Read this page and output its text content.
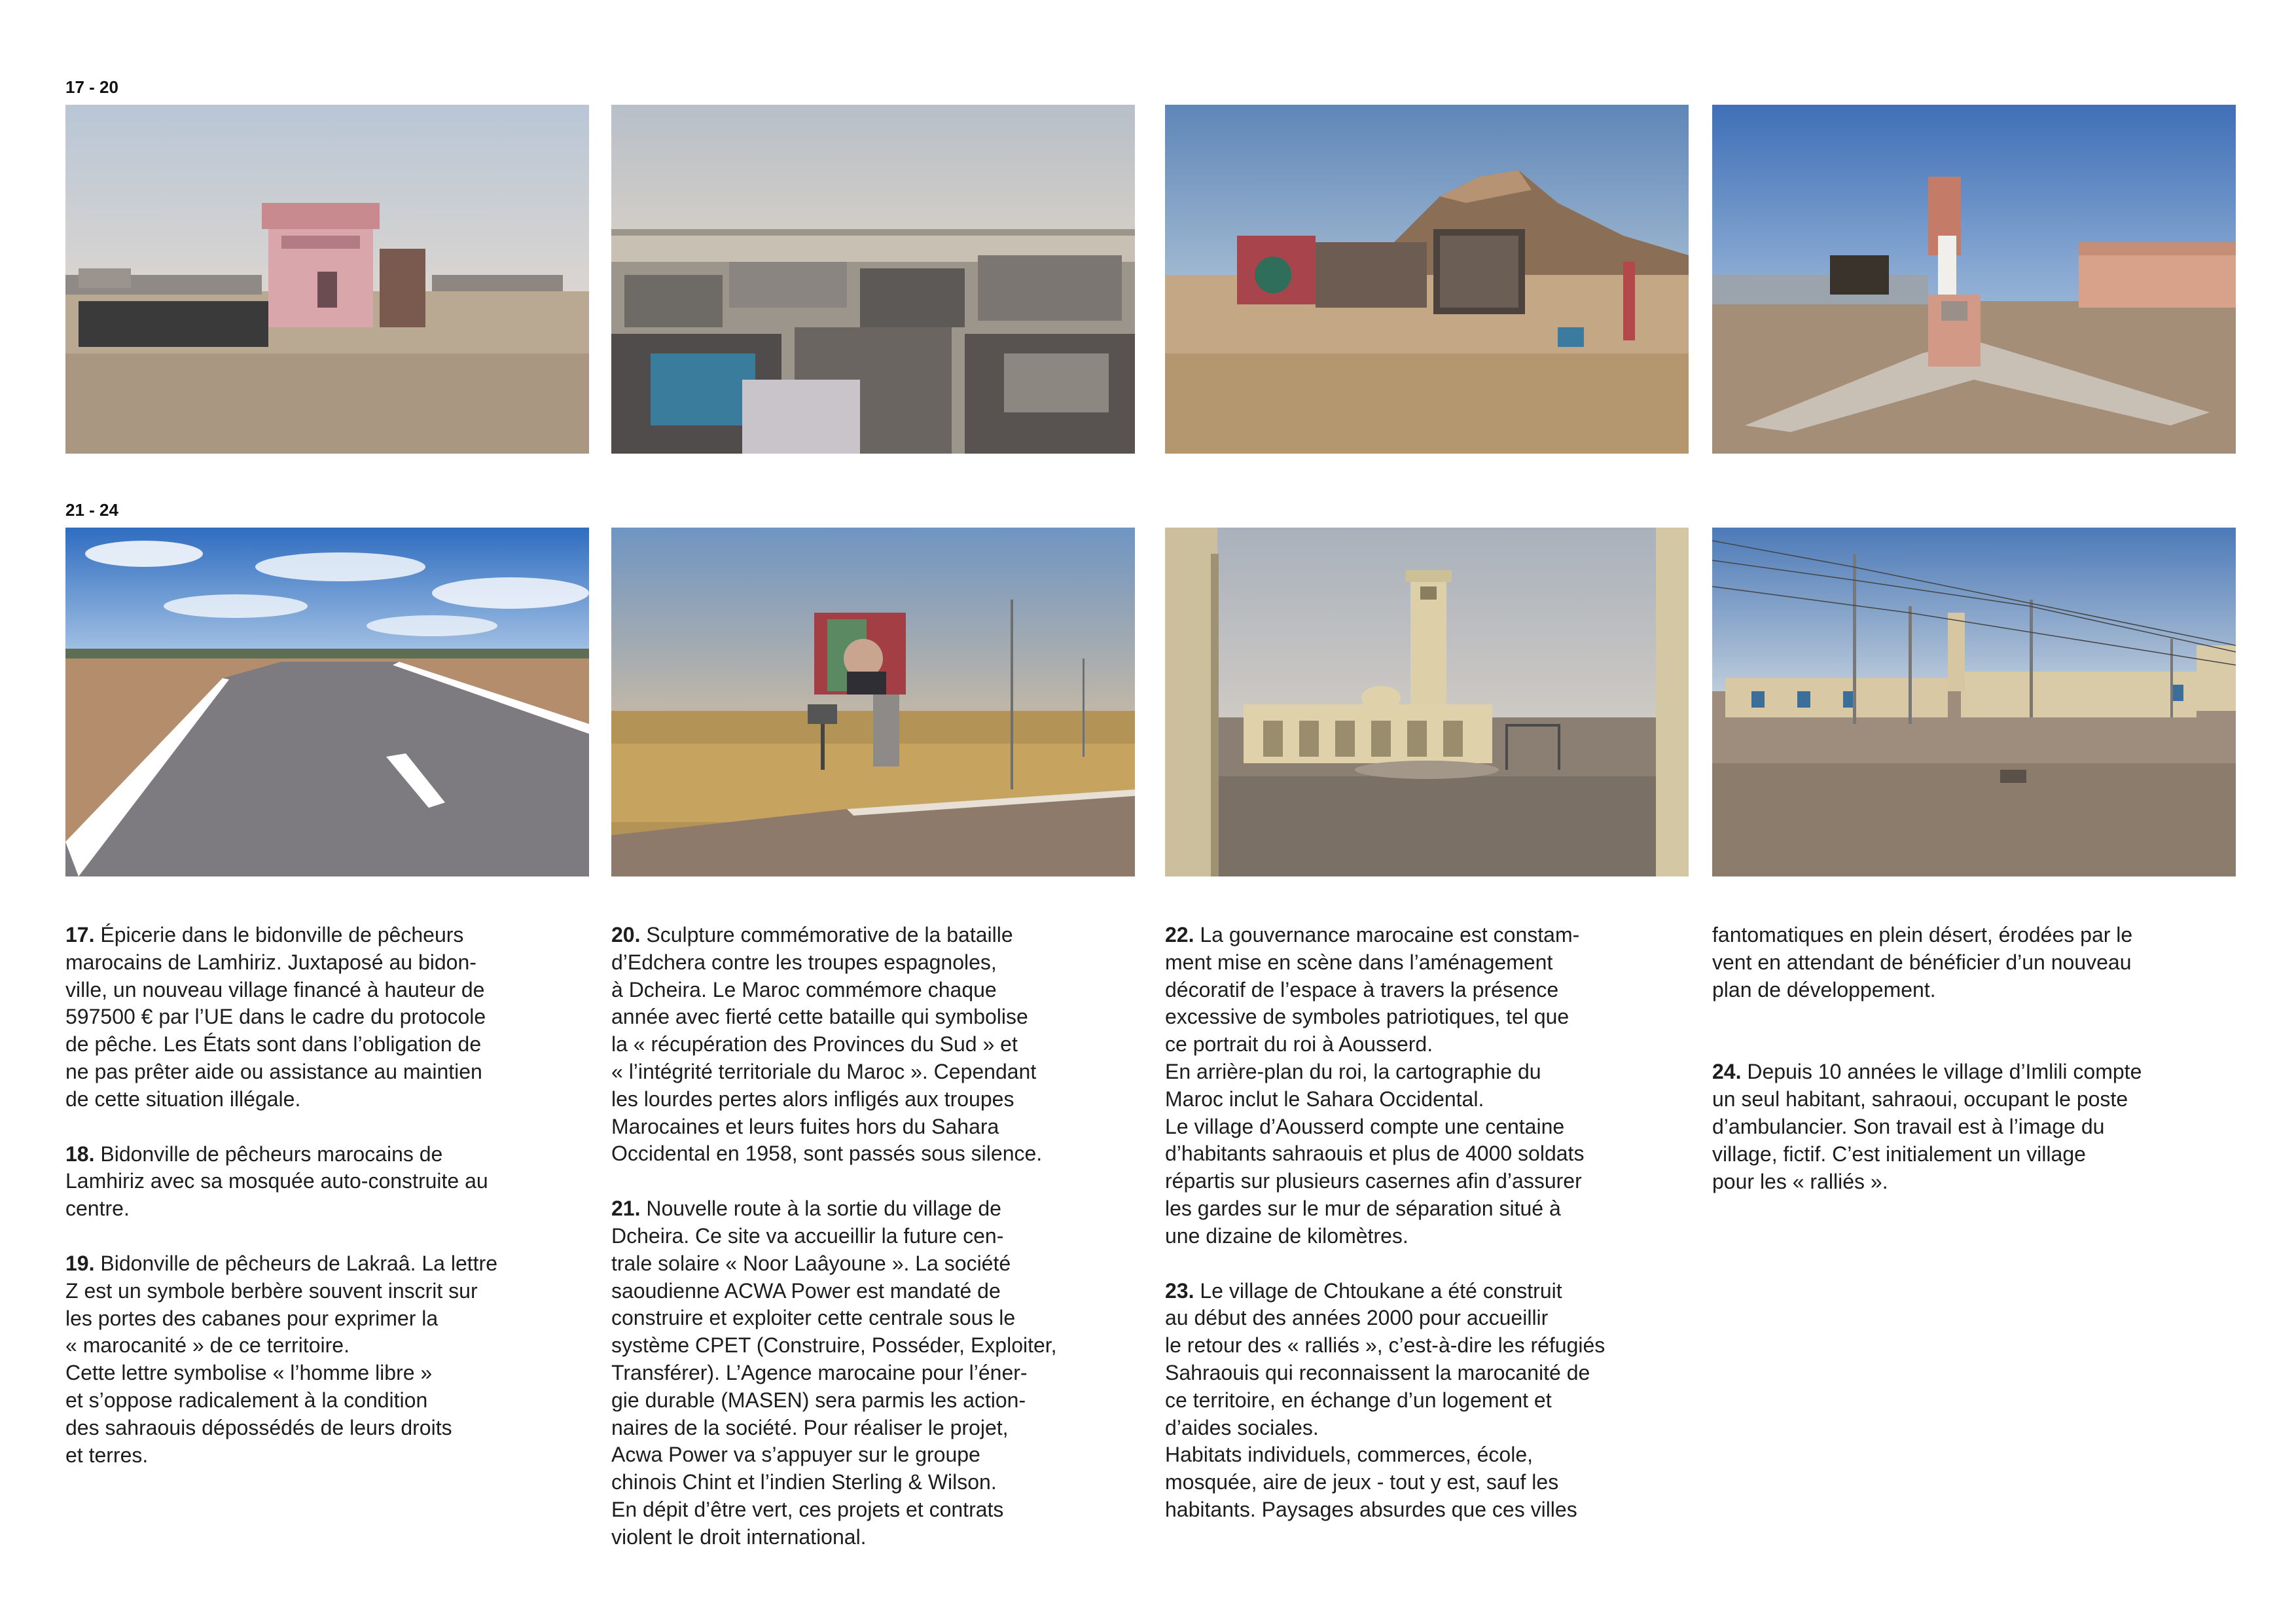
17 - 20
21 - 24

17. Épicerie dans le bidonville de pêcheurs
marocains de Lamhiriz. Juxtaposé au bidon-
ville, un nouveau village financé à hauteur de
597500 € par l’UE dans le cadre du protocole
de pêche. Les États sont dans l’obligation de
ne pas prêter aide ou assistance au maintien
de cette situation illégale.

18. Bidonville de pêcheurs marocains de
Lamhiriz avec sa mosquée auto-construite au
centre.

19. Bidonville de pêcheurs de Lakraâ. La lettre
Z est un symbole berbère souvent inscrit sur
les portes des cabanes pour exprimer la
« marocanité » de ce territoire.
Cette lettre symbolise « l’homme libre »
et s’oppose radicalement à la condition
des sahraouis dépossédés de leurs droits
et terres.

20. Sculpture commémorative de la bataille
d’Edchera contre les troupes espagnoles,
à Dcheira. Le Maroc commémore chaque
année avec fierté cette bataille qui symbolise
la « récupération des Provinces du Sud » et
« l’intégrité territoriale du Maroc ». Cependant
les lourdes pertes alors infligés aux troupes
Marocaines et leurs fuites hors du Sahara
Occidental en 1958, sont passés sous silence.

21. Nouvelle route à la sortie du village de
Dcheira. Ce site va accueillir la future cen-
trale solaire « Noor Laâyoune ». La société
saoudienne ACWA Power est mandaté de
construire et exploiter cette centrale sous le
système CPET (Construire, Posséder, Exploiter,
Transférer). L’Agence marocaine pour l’éner-
gie durable (MASEN) sera parmis les action-
naires de la société. Pour réaliser le projet,
Acwa Power va s’appuyer sur le groupe
chinois Chint et l’indien Sterling & Wilson.
En dépit d’être vert, ces projets et contrats
violent le droit international.

22. La gouvernance marocaine est constam-
ment mise en scène dans l’aménagement
décoratif de l’espace à travers la présence
excessive de symboles patriotiques, tel que
ce portrait du roi à Aousserd.
En arrière-plan du roi, la cartographie du
Maroc inclut le Sahara Occidental.
Le village d’Aousserd compte une centaine
d’habitants sahraouis et plus de 4000 soldats
répartis sur plusieurs casernes afin d’assurer
les gardes sur le mur de séparation situé à
une dizaine de kilomètres.

23. Le village de Chtoukane a été construit
au début des années 2000 pour accueillir
le retour des « ralliés », c’est-à-dire les réfugiés
Sahraouis qui reconnaissent la marocanité de
ce territoire, en échange d’un logement et
d’aides sociales.
Habitats individuels, commerces, école,
mosquée, aire de jeux - tout y est, sauf les
habitants. Paysages absurdes que ces villes

fantomatiques en plein désert, érodées par le
vent en attendant de bénéficier d’un nouveau
plan de développement.

24. Depuis 10 années le village d’Imlili compte
un seul habitant, sahraoui, occupant le poste
d’ambulancier. Son travail est à l’image du
village, fictif. C’est initialement un village
pour les « ralliés ».
